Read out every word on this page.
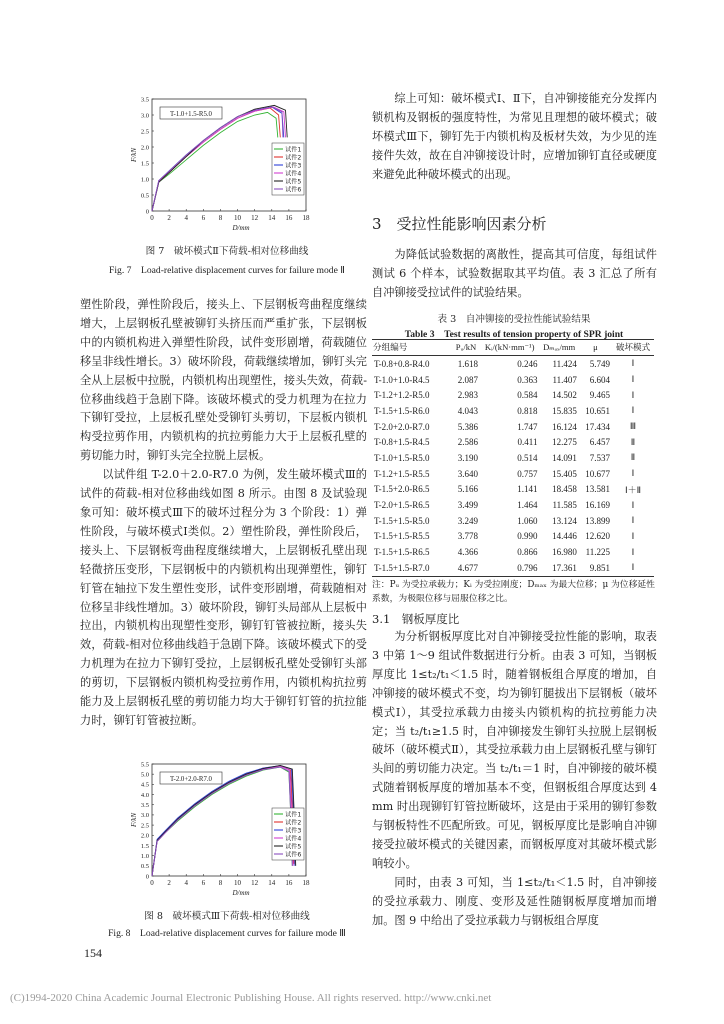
0 2 4 6 8 10 12 14 16 18
0
0.5
1.0
1.5
2.0
2.5
3.0
3.5
D/mm
F/kN
T-1.0+1.5-R5.0
试件1
试件2
试件3
试件4
试件5
试件6
图 7　破坏模式Ⅱ下荷载-相对位移曲线
Fig. 7　Load-relative displacement curves for failure mode Ⅱ

塑性阶段，弹性阶段后，接头上、下层钢板弯曲程度继续增大，上层钢板孔壁被铆钉头挤压而严重扩张，下层钢板中的内锁机构进入弹塑性阶段，试件变形剧增，荷载随位移呈非线性增长。3）破坏阶段，荷载继续增加，铆钉头完全从上层板中拉脱，内锁机构出现塑性，接头失效，荷载-位移曲线趋于急剧下降。该破坏模式的受力机理为在拉力下铆钉受拉，上层板孔壁处受铆钉头剪切，下层板内锁机构受拉剪作用，内锁机构的抗拉剪能力大于上层板孔壁的剪切能力时，铆钉头完全拉脱上层板。

以试件组 T-2.0＋2.0-R7.0 为例，发生破坏模式Ⅲ的试件的荷载-相对位移曲线如图 8 所示。由图 8 及试验现象可知：破坏模式Ⅲ下的破坏过程分为 3 个阶段：1）弹性阶段，与破坏模式Ⅰ类似。2）塑性阶段，弹性阶段后，接头上、下层钢板弯曲程度继续增大，上层钢板孔壁出现轻微挤压变形，下层钢板中的内锁机构出现弹塑性，铆钉钉管在轴拉下发生塑性变形，试件变形剧增，荷载随相对位移呈非线性增加。3）破坏阶段，铆钉头局部从上层板中拉出，内锁机构出现塑性变形，铆钉钉管被拉断，接头失效，荷载-相对位移曲线趋于急剧下降。该破坏模式下的受力机理为在拉力下铆钉受拉，上层钢板孔壁处受铆钉头部的剪切，下层钢板内锁机构受拉剪作用，内锁机构抗拉剪能力及上层钢板孔壁的剪切能力均大于铆钉钉管的抗拉能力时，铆钉钉管被拉断。

0 2 4 6 8 10 12 14 16 18
0
0.5
1.0
1.5
2.0
2.5
3.0
3.5
4.0
4.5
5.0
5.5
D/mm
F/kN
T-2.0+2.0-R7.0
试件1
试件2
试件3
试件4
试件5
试件6
图 8　破坏模式Ⅲ下荷载-相对位移曲线
Fig. 8　Load-relative displacement curves for failure mode Ⅲ
154

综上可知：破坏模式Ⅰ、Ⅱ下，自冲铆接能充分发挥内锁机构及钢板的强度特性，为常见且理想的破坏模式；破坏模式Ⅲ下，铆钉先于内锁机构及板材失效，为少见的连接件失效，故在自冲铆接设计时，应增加铆钉直径或硬度来避免此种破坏模式的出现。

3　受拉性能影响因素分析

为降低试验数据的离散性，提高其可信度，每组试件测试 6 个样本，试验数据取其平均值。表 3 汇总了所有自冲铆接受拉试件的试验结果。

表 3　自冲铆接的受拉性能试验结果
Table 3　Test results of tension property of SPR joint
分组编号	Pᵤ/kN	Kᵢ/(kN·mm⁻¹)	Dₘₐₓ/mm	μ	破坏模式
T-0.8+0.8-R4.0	1.618	0.246	11.424	5.749	Ⅰ
T-1.0+1.0-R4.5	2.087	0.363	11.407	6.604	Ⅰ
T-1.2+1.2-R5.0	2.983	0.584	14.502	9.465	Ⅰ
T-1.5+1.5-R6.0	4.043	0.818	15.835	10.651	Ⅰ
T-2.0+2.0-R7.0	5.386	1.747	16.124	17.434	Ⅲ
T-0.8+1.5-R4.5	2.586	0.411	12.275	6.457	Ⅱ
T-1.0+1.5-R5.0	3.190	0.514	14.091	7.537	Ⅱ
T-1.2+1.5-R5.5	3.640	0.757	15.405	10.677	Ⅰ
T-1.5+2.0-R6.5	5.166	1.141	18.458	13.581	Ⅰ＋Ⅱ
T-2.0+1.5-R6.5	3.499	1.464	11.585	16.169	Ⅰ
T-1.5+1.5-R5.0	3.249	1.060	13.124	13.899	Ⅰ
T-1.5+1.5-R5.5	3.778	0.990	14.446	12.620	Ⅰ
T-1.5+1.5-R6.5	4.366	0.866	16.980	11.225	Ⅰ
T-1.5+1.5-R7.0	4.677	0.796	17.361	9.851	Ⅰ
注：Pᵤ 为受拉承载力；Kᵢ 为受拉刚度；Dₘₐₓ 为最大位移；μ 为位移延性系数，为极限位移与屈服位移之比。
3.1　钢板厚度比

为分析钢板厚度比对自冲铆接受拉性能的影响，取表 3 中第 1～9 组试件数据进行分析。由表 3 可知，当钢板厚度比 1≤t₂/t₁＜1.5 时，随着钢板组合厚度的增加，自冲铆接的破坏模式不变，均为铆钉腿拔出下层钢板（破坏模式Ⅰ），其受拉承载力由接头内锁机构的抗拉剪能力决定；当 t₂/t₁≥1.5 时，自冲铆接发生铆钉头拉脱上层钢板破坏（破坏模式Ⅱ），其受拉承载力由上层钢板孔壁与铆钉头间的剪切能力决定。当 t₂/t₁＝1 时，自冲铆接的破坏模式随着钢板厚度的增加基本不变，但钢板组合厚度达到 4 mm 时出现铆钉钉管拉断破坏，这是由于采用的铆钉参数与钢板特性不匹配所致。可见，钢板厚度比是影响自冲铆接受拉破坏模式的关键因素，而钢板厚度对其破坏模式影响较小。

同时，由表 3 可知，当 1≤t₂/t₁＜1.5 时，自冲铆接的受拉承载力、刚度、变形及延性随钢板厚度增加而增加。图 9 中给出了受拉承载力与钢板组合厚度

(C)1994-2020 China Academic Journal Electronic Publishing House. All rights reserved. http://www.cnki.net
